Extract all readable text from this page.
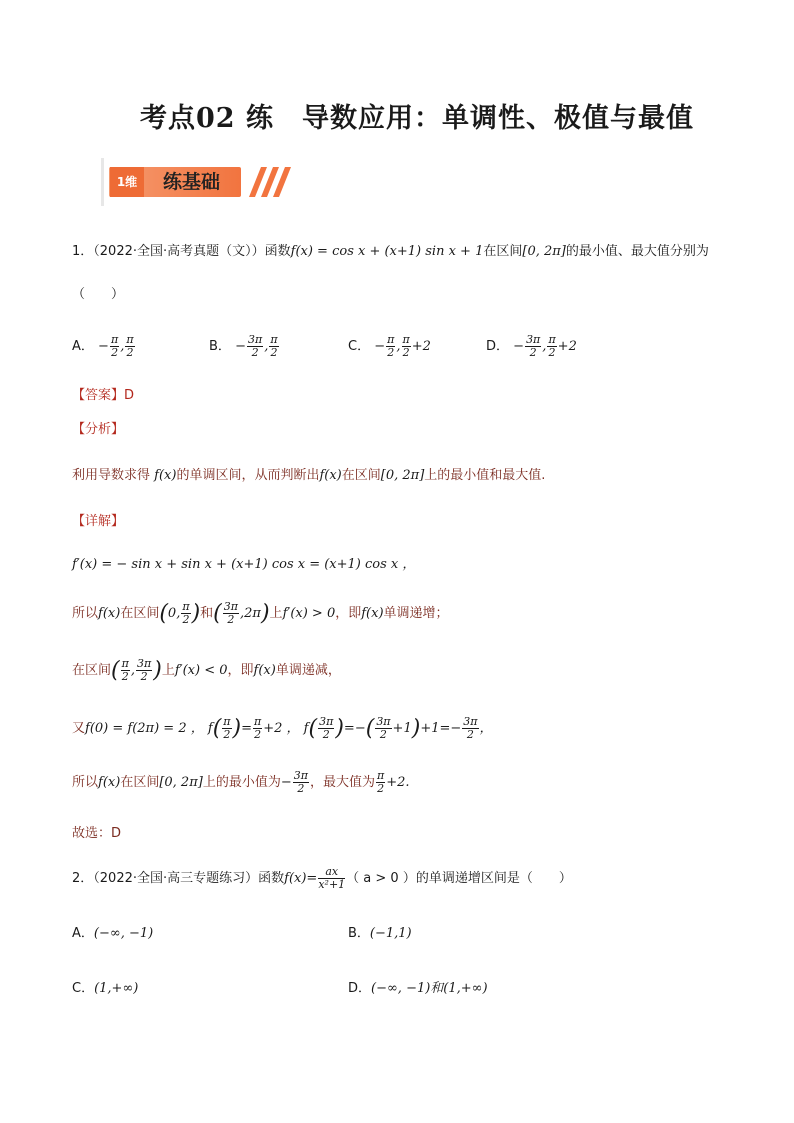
考点02 练　导数应用：单调性、极值与最值
1维	练基础
1．（2022·全国·高考真题（文））函数f(x) = cos x + (x+1) sin x + 1在区间[0, 2π]的最小值、最大值分别为
（　　）
A． − $\frac{\pi}{2}$ , $\frac{\pi}{2}$	B． − $\frac{3\pi}{2}$ , $\frac{\pi}{2}$	C． − $\frac{\pi}{2}$ , $\frac{\pi}{2} +2$	D． − $\frac{3\pi}{2}$ , $\frac{\pi}{2} +2$
【答案】D
【分析】
利用导数求得 f(x)的单调区间，从而判断出f(x)在区间[0, 2π]上的最小值和最大值.
【详解】
f′(x) = − sin x + sin x + (x+1) cos x = (x+1) cos x ，
所以f(x)在区间(0, $\frac{\pi}{2}$ )和( $\frac{3\pi}{2} ,2\pi$)上f′(x) > 0，即f(x)单调递增；
在区间( $\frac{\pi}{2}$ , $\frac{3\pi}{2}$ )上f′(x) < 0，即f(x)单调递减，
又f(0) = f(2π) = 2 ， $f( \frac{\pi}{2}$ )= $\frac{\pi}{2} +2$ ， $f( \frac{3\pi}{2}$ )=−( $\frac{3\pi}{2} +1)+1=- \frac{3\pi}{2}$ ，
所以f(x)在区间[0, 2π]上的最小值为− $\frac{3\pi}{2}$ ，最大值为 $\frac{\pi}{2} +2$.
故选：D
2．（2022·全国·高三专题练习）函数$f(x)= \frac{ax}{\text{x²+1}}$ （ a > 0 ）的单调递增区间是（　　）
A．(−∞, −1)	B．(−1,1)
C．(1,+∞)	D．(−∞, −1)和(1,+∞)
